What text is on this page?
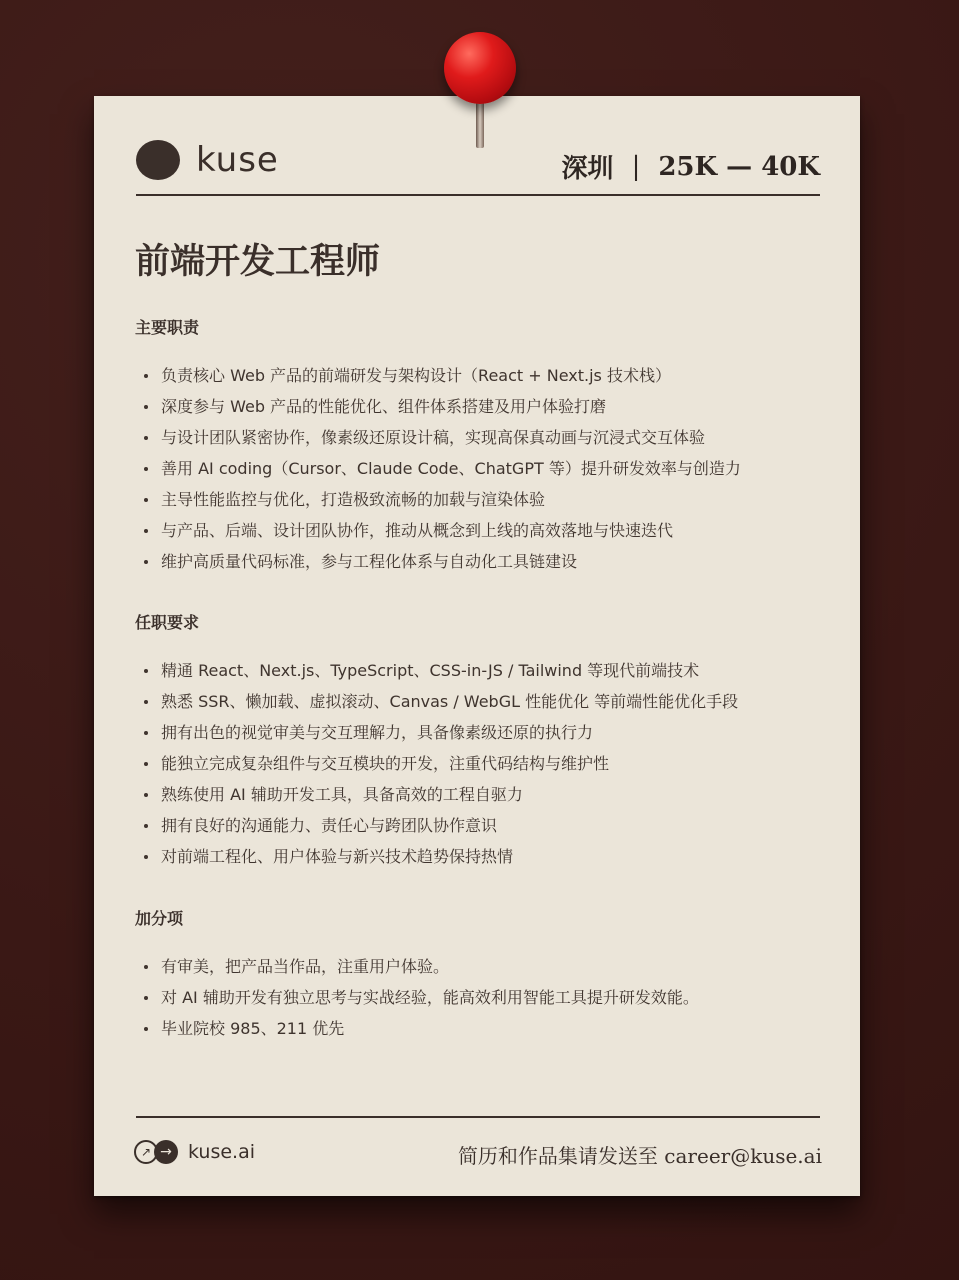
kuse	深圳 | 25K — 40K
前端开发工程师
主要职责
负责核心 Web 产品的前端研发与架构设计（React + Next.js 技术栈）
深度参与 Web 产品的性能优化、组件体系搭建及用户体验打磨
与设计团队紧密协作，像素级还原设计稿，实现高保真动画与沉浸式交互体验
善用 AI coding（Cursor、Claude Code、ChatGPT 等）提升研发效率与创造力
主导性能监控与优化，打造极致流畅的加载与渲染体验
与产品、后端、设计团队协作，推动从概念到上线的高效落地与快速迭代
维护高质量代码标准，参与工程化体系与自动化工具链建设
任职要求
精通 React、Next.js、TypeScript、CSS-in-JS / Tailwind 等现代前端技术
熟悉 SSR、懒加载、虚拟滚动、Canvas / WebGL 性能优化 等前端性能优化手段
拥有出色的视觉审美与交互理解力，具备像素级还原的执行力
能独立完成复杂组件与交互模块的开发，注重代码结构与维护性
熟练使用 AI 辅助开发工具，具备高效的工程自驱力
拥有良好的沟通能力、责任心与跨团队协作意识
对前端工程化、用户体验与新兴技术趋势保持热情
加分项
有审美，把产品当作品，注重用户体验。
对 AI 辅助开发有独立思考与实战经验，能高效利用智能工具提升研发效能。
毕业院校 985、211 优先
↗ → kuse.ai	简历和作品集请发送至 career@kuse.ai
